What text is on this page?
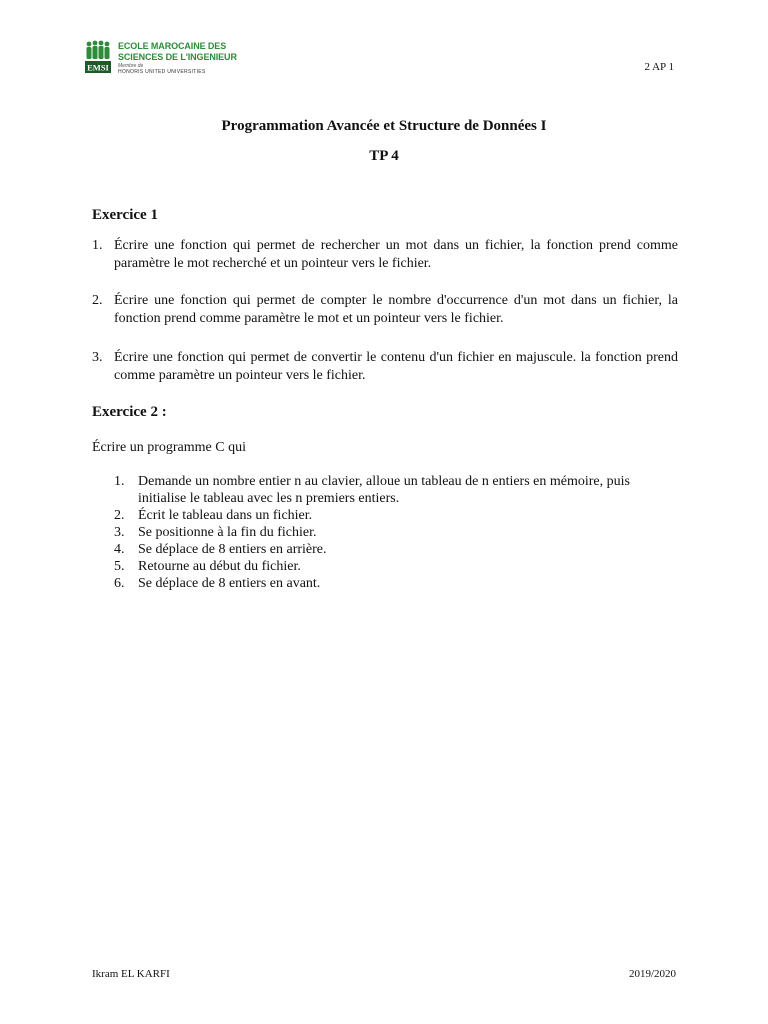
EMSI
ECOLE MAROCAINE DES
SCIENCES DE L'INGENIEUR
Membre de
HONORIS UNITED UNIVERSITIES	2 AP 1
Programmation Avancée et Structure de Données I
TP 4
Exercice 1
1. Écrire une fonction qui permet de rechercher un mot dans un fichier, la fonction prend comme paramètre le mot recherché et un pointeur vers le fichier.
2. Écrire une fonction qui permet de compter le nombre d'occurrence d'un mot dans un fichier, la fonction prend comme paramètre le mot et un pointeur vers le fichier.
3. Écrire une fonction qui permet de convertir le contenu d'un fichier en majuscule. la fonction prend comme paramètre un pointeur vers le fichier.
Exercice 2 :
Écrire un programme C qui
1. Demande un nombre entier n au clavier, alloue un tableau de n entiers en mémoire, puis initialise le tableau avec les n premiers entiers.
2. Écrit le tableau dans un fichier.
3. Se positionne à la fin du fichier.
4. Se déplace de 8 entiers en arrière.
5. Retourne au début du fichier.
6. Se déplace de 8 entiers en avant.
Ikram EL KARFI	2019/2020
